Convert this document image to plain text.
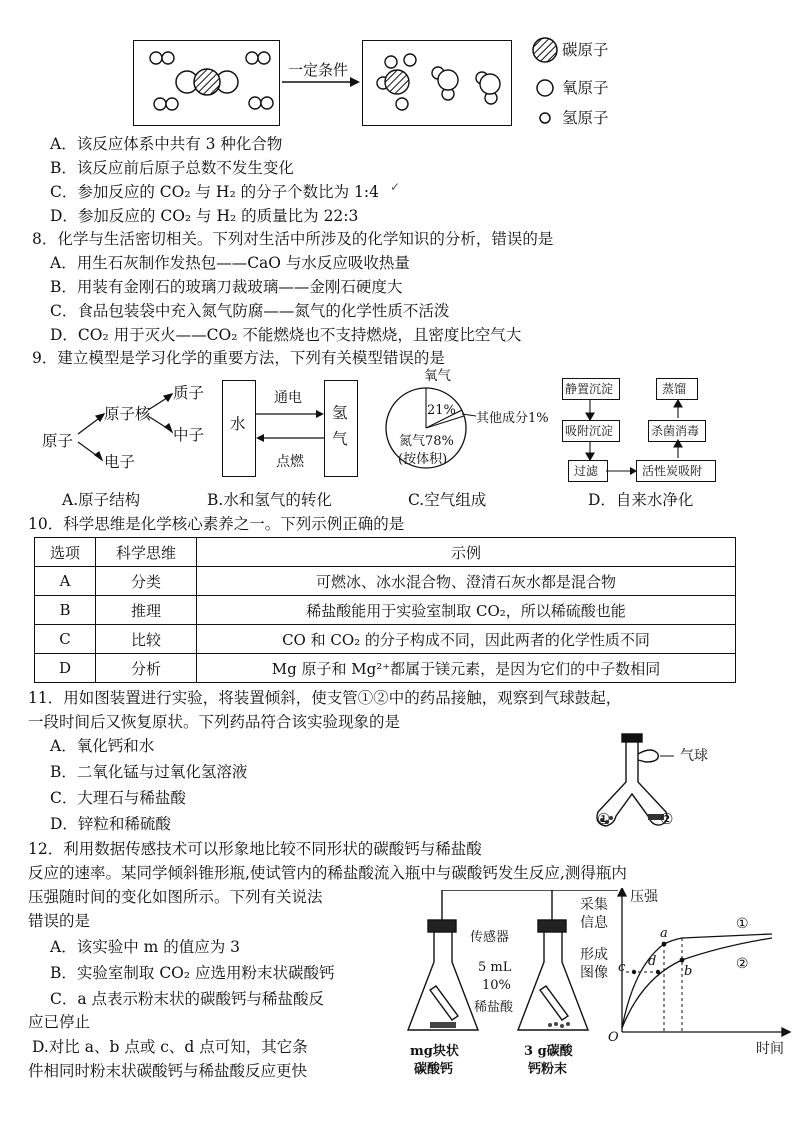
一定条件
碳原子
氧原子
氢原子
A．该反应体系中共有 3 种化合物
B．该反应前后原子总数不发生变化
C．参加反应的 CO₂ 与 H₂ 的分子个数比为 1:4 ✓
D．参加反应的 CO₂ 与 H₂ 的质量比为 22:3
8．化学与生活密切相关。下列对生活中所涉及的化学知识的分析，错误的是
A．用生石灰制作发热包——CaO 与水反应吸收热量
B．用装有金刚石的玻璃刀裁玻璃——金刚石硬度大
C．食品包装袋中充入氮气防腐——氮气的化学性质不活泼
D．CO₂ 用于灭火——CO₂ 不能燃烧也不支持燃烧，且密度比空气大
9．建立模型是学习化学的重要方法，下列有关模型错误的是
原子
原子核
质子
中子
电子
A.原子结构
水
氢
气
通电
点燃
B.水和氢气的转化
氧气
21%
其他成分1%
氮气78%
(按体积)
C.空气组成
静置沉淀
吸附沉淀
过滤
蒸馏
杀菌消毒
活性炭吸附
D．自来水净化
10．科学思维是化学核心素养之一。下列示例正确的是
选项	科学思维	示例
A	分类	可燃冰、冰水混合物、澄清石灰水都是混合物
B	推理	稀盐酸能用于实验室制取 CO₂，所以稀硫酸也能
C	比较	CO 和 CO₂ 的分子构成不同，因此两者的化学性质不同
D	分析	Mg 原子和 Mg²⁺都属于镁元素，是因为它们的中子数相同
11．用如图装置进行实验，将装置倾斜，使支管①②中的药品接触，观察到气球鼓起，
一段时间后又恢复原状。下列药品符合该实验现象的是
A．氧化钙和水
B．二氧化锰与过氧化氢溶液
C．大理石与稀盐酸
D．锌粒和稀硫酸
气球
①	②
12．利用数据传感技术可以形象地比较不同形状的碳酸钙与稀盐酸
反应的速率。某同学倾斜锥形瓶,使试管内的稀盐酸流入瓶中与碳酸钙发生反应,测得瓶内
压强随时间的变化如图所示。下列有关说法
错误的是
A．该实验中 m 的值应为 3
B．实验室制取 CO₂ 应选用粉末状碳酸钙
C．a 点表示粉末状的碳酸钙与稀盐酸反
应已停止
D.对比 a、b 点或 c、d 点可知，其它条
件相同时粉末状碳酸钙与稀盐酸反应更快
传感器
5 mL
10%
稀盐酸
mg块状
碳酸钙
3 g碳酸
钙粉末
采集
信息
形成
图像
压强
时间
O
a
b
c d
①
②
